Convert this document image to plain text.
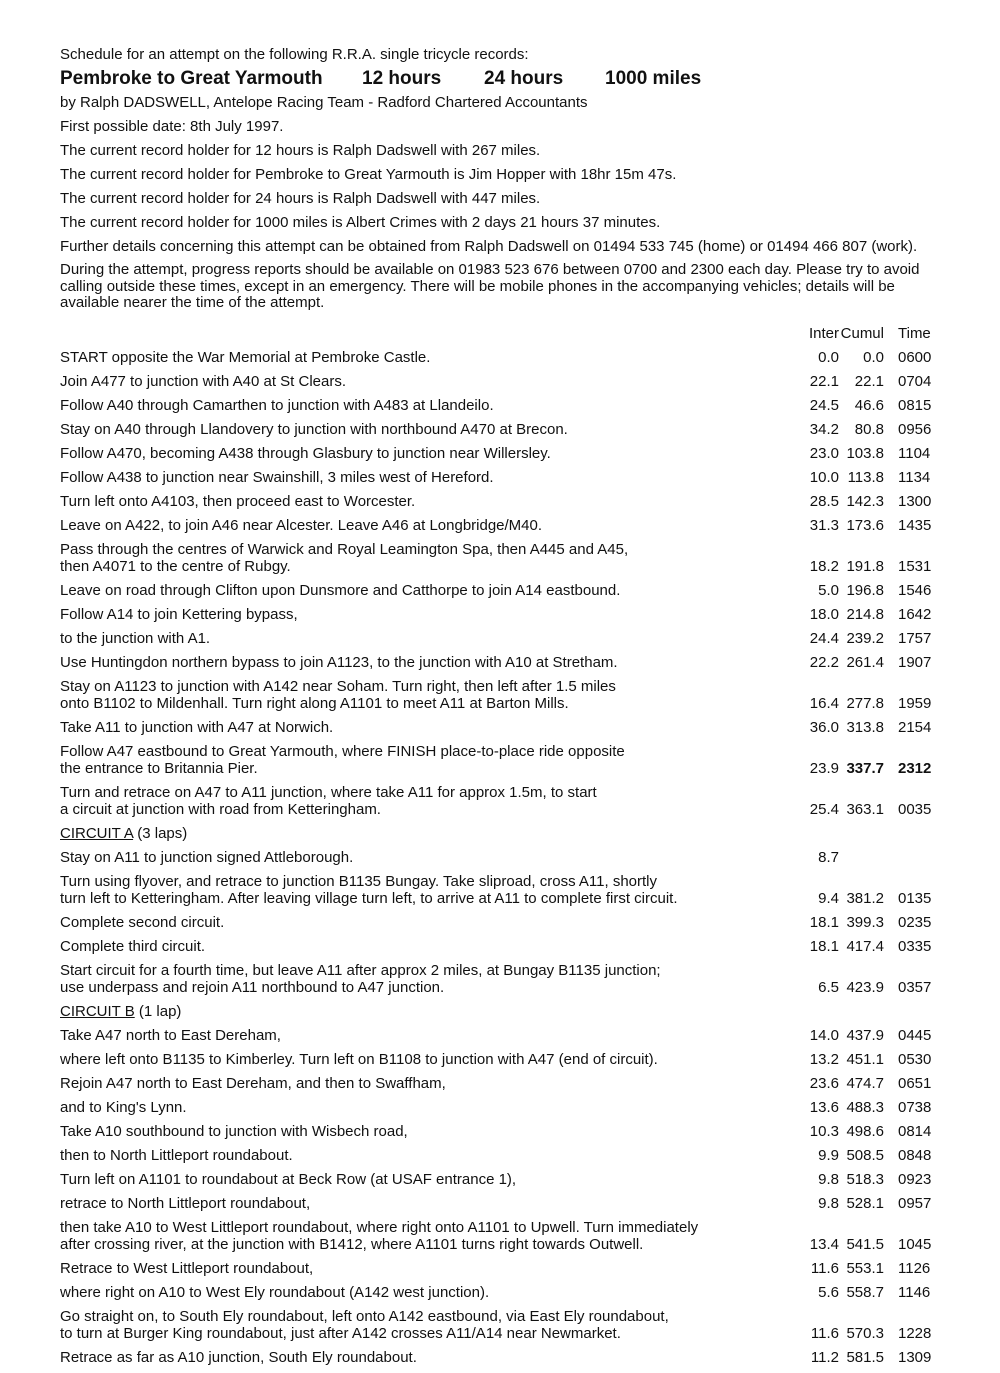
Schedule for an attempt on the following R.R.A. single tricycle records:
Pembroke to Great Yarmouth	12 hours	24 hours	1000 miles
by Ralph DADSWELL, Antelope Racing Team - Radford Chartered Accountants
First possible date: 8th July 1997.
The current record holder for 12 hours is Ralph Dadswell with 267 miles.
The current record holder for Pembroke to Great Yarmouth is Jim Hopper with 18hr 15m 47s.
The current record holder for 24 hours is Ralph Dadswell with 447 miles.
The current record holder for 1000 miles is Albert Crimes with 2 days 21 hours 37 minutes.
Further details concerning this attempt can be obtained from Ralph Dadswell on 01494 533 745 (home) or 01494 466 807 (work).
During the attempt, progress reports should be available on 01983 523 676 between 0700 and 2300 each day. Please try to avoid calling outside these times, except in an emergency. There will be mobile phones in the accompanying vehicles; details will be available nearer the time of the attempt.
Inter Cumul Time
START opposite the War Memorial at Pembroke Castle.	0.0	0.0 0600
Join A477 to junction with A40 at St Clears.	22.1	22.1 0704
Follow A40 through Camarthen to junction with A483 at Llandeilo.	24.5	46.6 0815
Stay on A40 through Llandovery to junction with northbound A470 at Brecon.	34.2	80.8 0956
Follow A470, becoming A438 through Glasbury to junction near Willersley.	23.0 103.8 1104
Follow A438 to junction near Swainshill, 3 miles west of Hereford.	10.0 113.8 1134
Turn left onto A4103, then proceed east to Worcester.	28.5 142.3 1300
Leave on A422, to join A46 near Alcester. Leave A46 at Longbridge/M40.	31.3 173.6 1435
Pass through the centres of Warwick and Royal Leamington Spa, then A445 and A45,
then A4071 to the centre of Rubgy.	18.2 191.8 1531
Leave on road through Clifton upon Dunsmore and Catthorpe to join A14 eastbound.	5.0 196.8 1546
Follow A14 to join Kettering bypass,	18.0 214.8 1642
to the junction with A1.	24.4 239.2 1757
Use Huntingdon northern bypass to join A1123, to the junction with A10 at Stretham.	22.2 261.4 1907
Stay on A1123 to junction with A142 near Soham. Turn right, then left after 1.5 miles
onto B1102 to Mildenhall. Turn right along A1101 to meet A11 at Barton Mills.	16.4 277.8 1959
Take A11 to junction with A47 at Norwich.	36.0 313.8 2154
Follow A47 eastbound to Great Yarmouth, where FINISH place-to-place ride opposite
the entrance to Britannia Pier.	23.9 337.7 2312
Turn and retrace on A47 to A11 junction, where take A11 for approx 1.5m, to start
a circuit at junction with road from Ketteringham.	25.4 363.1 0035
CIRCUIT A (3 laps)
Stay on A11 to junction signed Attleborough.	8.7
Turn using flyover, and retrace to junction B1135 Bungay. Take sliproad, cross A11, shortly
turn left to Ketteringham. After leaving village turn left, to arrive at A11 to complete first circuit.	9.4 381.2 0135
Complete second circuit.	18.1 399.3 0235
Complete third circuit.	18.1 417.4 0335
Start circuit for a fourth time, but leave A11 after approx 2 miles, at Bungay B1135 junction;
use underpass and rejoin A11 northbound to A47 junction.	6.5 423.9 0357
CIRCUIT B (1 lap)
Take A47 north to East Dereham,	14.0 437.9 0445
where left onto B1135 to Kimberley. Turn left on B1108 to junction with A47 (end of circuit).	13.2 451.1 0530
Rejoin A47 north to East Dereham, and then to Swaffham,	23.6 474.7 0651
and to King's Lynn.	13.6 488.3 0738
Take A10 southbound to junction with Wisbech road,	10.3 498.6 0814
then to North Littleport roundabout.	9.9 508.5 0848
Turn left on A1101 to roundabout at Beck Row (at USAF entrance 1),	9.8 518.3 0923
retrace to North Littleport roundabout,	9.8 528.1 0957
then take A10 to West Littleport roundabout, where right onto A1101 to Upwell. Turn immediately
after crossing river, at the junction with B1412, where A1101 turns right towards Outwell.	13.4 541.5 1045
Retrace to West Littleport roundabout,	11.6 553.1 1126
where right on A10 to West Ely roundabout (A142 west junction).	5.6 558.7 1146
Go straight on, to South Ely roundabout, left onto A142 eastbound, via East Ely roundabout,
to turn at Burger King roundabout, just after A142 crosses A11/A14 near Newmarket.	11.6 570.3 1228
Retrace as far as A10 junction, South Ely roundabout.	11.2 581.5 1309
